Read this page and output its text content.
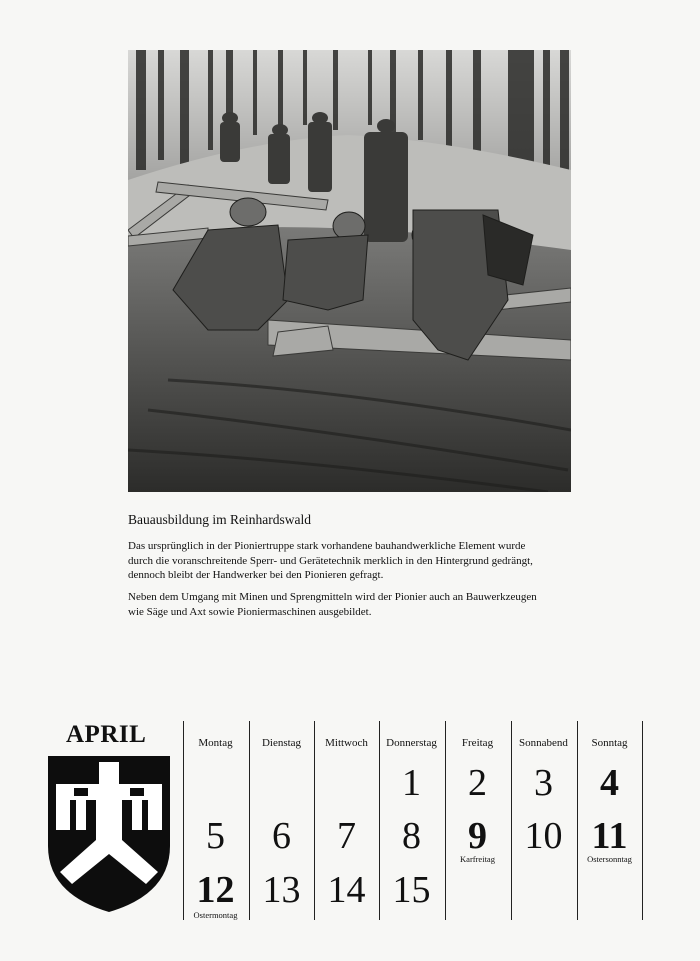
Bauausbildung im Reinhardswald
Das ursprünglich in der Pioniertruppe stark vorhandene bauhandwerkliche Element wurde
durch die voranschreitende Sperr- und Gerätetechnik merklich in den Hintergrund gedrängt,
dennoch bleibt der Handwerker bei den Pionieren gefragt.
Neben dem Umgang mit Minen und Sprengmitteln wird der Pionier auch an Bauwerkzeugen
wie Säge und Axt sowie Pioniermaschinen ausgebildet.
APRIL	Montag
5
12
Ostermontag
Dienstag
6
13
Mittwoch
7
14
Donnerstag
1
8
15
Freitag
2
9
Karfreitag
Sonnabend
3
10
Sonntag
4
11
Ostersonntag
